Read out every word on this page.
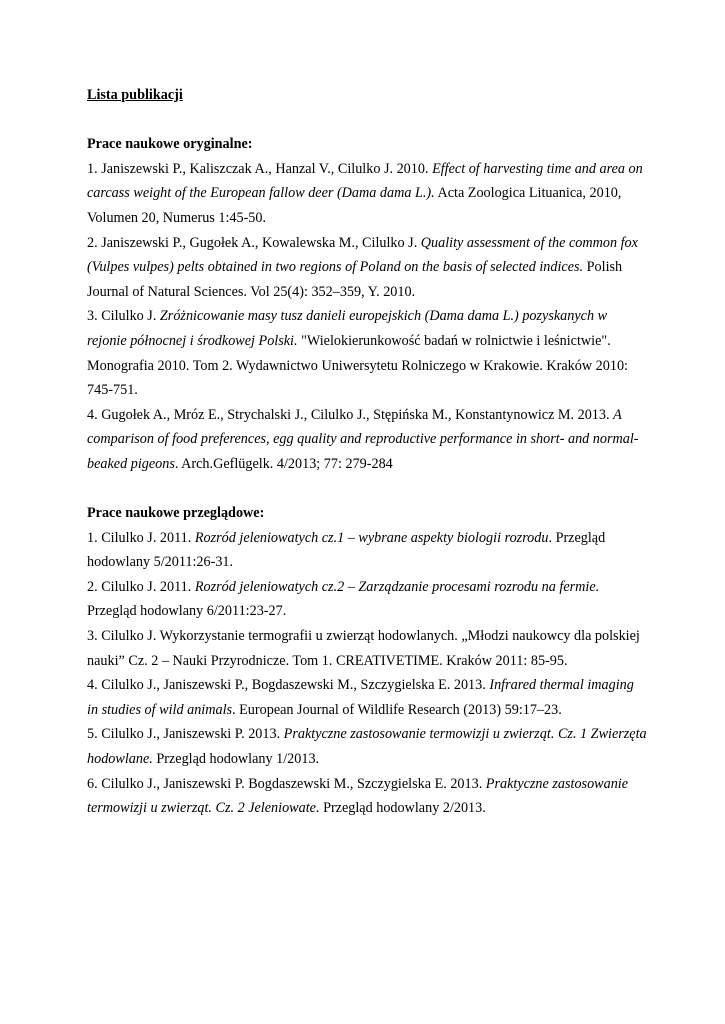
Lista publikacji

Prace naukowe oryginalne:

1. Janiszewski P., Kaliszczak A., Hanzal V., Cilulko J. 2010. Effect of harvesting time and area on carcass weight of the European fallow deer (Dama dama L.). Acta Zoologica Lituanica, 2010, Volumen 20, Numerus 1:45-50.

2. Janiszewski P., Gugołek A., Kowalewska M., Cilulko J. Quality assessment of the common fox (Vulpes vulpes) pelts obtained in two regions of Poland on the basis of selected indices. Polish Journal of Natural Sciences. Vol 25(4): 352–359, Y. 2010.

3. Cilulko J. Zróżnicowanie masy tusz danieli europejskich (Dama dama L.) pozyskanych w rejonie północnej i środkowej Polski. "Wielokierunkowość badań w rolnictwie i leśnictwie". Monografia 2010. Tom 2. Wydawnictwo Uniwersytetu Rolniczego w Krakowie. Kraków 2010: 745-751.

4. Gugołek A., Mróz E., Strychalski J., Cilulko J., Stępińska M., Konstantynowicz M. 2013. A comparison of food preferences, egg quality and reproductive performance in short- and normal-beaked pigeons. Arch.Geflügelk. 4/2013; 77: 279-284

Prace naukowe przeglądowe:

1. Cilulko J. 2011. Rozród jeleniowatych cz.1 – wybrane aspekty biologii rozrodu. Przegląd hodowlany 5/2011:26-31.

2. Cilulko J. 2011. Rozród jeleniowatych cz.2 – Zarządzanie procesami rozrodu na fermie. Przegląd hodowlany 6/2011:23-27.

3. Cilulko J. Wykorzystanie termografii u zwierząt hodowlanych. „Młodzi naukowcy dla polskiej nauki” Cz. 2 – Nauki Przyrodnicze. Tom 1. CREATIVETIME. Kraków 2011: 85-95.

4. Cilulko J., Janiszewski P., Bogdaszewski M., Szczygielska E. 2013. Infrared thermal imaging in studies of wild animals. European Journal of Wildlife Research (2013) 59:17–23.

5. Cilulko J., Janiszewski P. 2013. Praktyczne zastosowanie termowizji u zwierząt. Cz. 1 Zwierzęta hodowlane. Przegląd hodowlany 1/2013.

6. Cilulko J., Janiszewski P. Bogdaszewski M., Szczygielska E. 2013. Praktyczne zastosowanie termowizji u zwierząt. Cz. 2 Jeleniowate. Przegląd hodowlany 2/2013.
